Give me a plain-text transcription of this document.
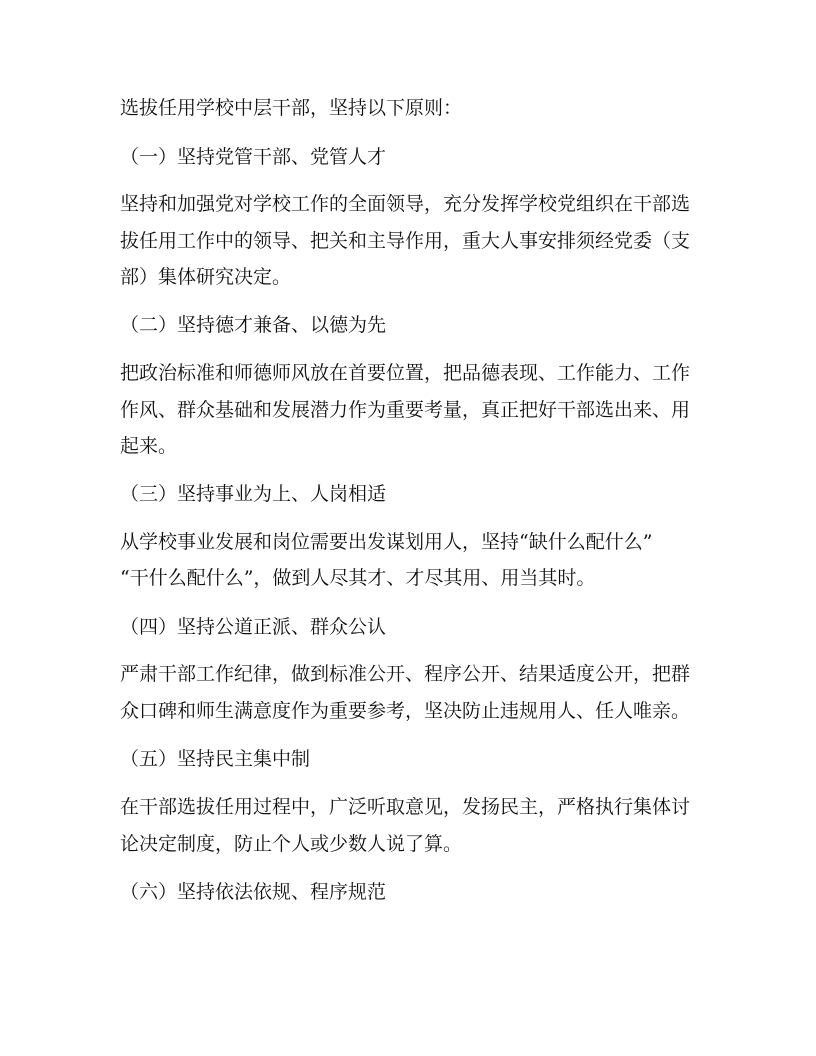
选拔任用学校中层干部，坚持以下原则：
（一）坚持党管干部、党管人才
坚持和加强党对学校工作的全面领导，充分发挥学校党组织在干部选
拔任用工作中的领导、把关和主导作用，重大人事安排须经党委（支
部）集体研究决定。
（二）坚持德才兼备、以德为先
把政治标准和师德师风放在首要位置，把品德表现、工作能力、工作
作风、群众基础和发展潜力作为重要考量，真正把好干部选出来、用
起来。
（三）坚持事业为上、人岗相适
从学校事业发展和岗位需要出发谋划用人，坚持“缺什么配什么”
“干什么配什么”，做到人尽其才、才尽其用、用当其时。
（四）坚持公道正派、群众公认
严肃干部工作纪律，做到标准公开、程序公开、结果适度公开，把群
众口碑和师生满意度作为重要参考，坚决防止违规用人、任人唯亲。
（五）坚持民主集中制
在干部选拔任用过程中，广泛听取意见，发扬民主，严格执行集体讨
论决定制度，防止个人或少数人说了算。
（六）坚持依法依规、程序规范
